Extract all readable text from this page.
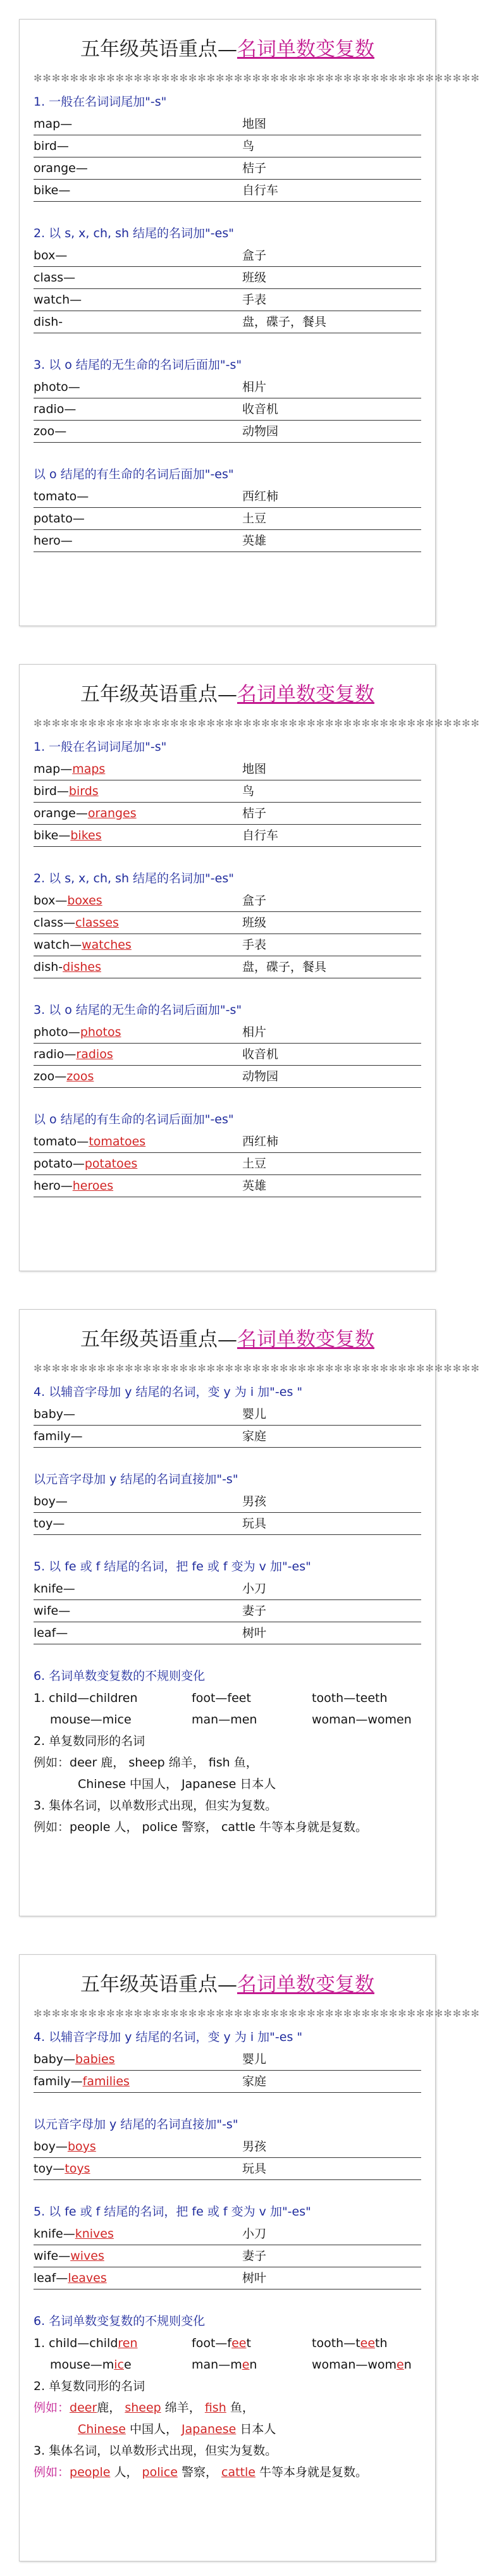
五年级英语重点—名词单数变复数
✻✻✻✻✻✻✻✻✻✻✻✻✻✻✻✻✻✻✻✻✻✻✻✻✻✻✻✻✻✻✻✻✻✻✻✻✻✻✻✻✻✻✻✻✻✻✻✻✻
1. 一般在名词词尾加"-s"
map—	地图
bird—	鸟
orange—	桔子
bike—	自行车
2. 以 s, x, ch, sh 结尾的名词加"-es"
box—	盒子
class—	班级
watch—	手表
dish-	盘，碟子，餐具
3. 以 o 结尾的无生命的名词后面加"-s"
photo—	相片
radio—	收音机
zoo—	动物园
以 o 结尾的有生命的名词后面加"-es"
tomato—	西红柿
potato—	土豆
hero—	英雄
五年级英语重点—名词单数变复数
✻✻✻✻✻✻✻✻✻✻✻✻✻✻✻✻✻✻✻✻✻✻✻✻✻✻✻✻✻✻✻✻✻✻✻✻✻✻✻✻✻✻✻✻✻✻✻✻✻
1. 一般在名词词尾加"-s"
map—maps	地图
bird—birds	鸟
orange—oranges	桔子
bike—bikes	自行车
2. 以 s, x, ch, sh 结尾的名词加"-es"
box—boxes	盒子
class—classes	班级
watch—watches	手表
dish-dishes	盘，碟子，餐具
3. 以 o 结尾的无生命的名词后面加"-s"
photo—photos	相片
radio—radios	收音机
zoo—zoos	动物园
以 o 结尾的有生命的名词后面加"-es"
tomato—tomatoes	西红柿
potato—potatoes	土豆
hero—heroes	英雄
五年级英语重点—名词单数变复数
✻✻✻✻✻✻✻✻✻✻✻✻✻✻✻✻✻✻✻✻✻✻✻✻✻✻✻✻✻✻✻✻✻✻✻✻✻✻✻✻✻✻✻✻✻✻✻✻✻
4. 以辅音字母加 y 结尾的名词，变 y 为 i 加"-es "
baby—	婴儿
family—	家庭
以元音字母加 y 结尾的名词直接加"-s"
boy—	男孩
toy—	玩具
5. 以 fe 或 f 结尾的名词，把 fe 或 f 变为 v 加"-es"
knife—	小刀
wife—	妻子
leaf—	树叶
6. 名词单数变复数的不规则变化
1. child—children	foot—feet	tooth—teeth
mouse—mice	man—men	woman—women
2. 单复数同形的名词
例如：deer 鹿， sheep 绵羊， fish 鱼，
Chinese 中国人， Japanese 日本人
3. 集体名词，以单数形式出现，但实为复数。
例如：people 人， police 警察， cattle 牛等本身就是复数。
五年级英语重点—名词单数变复数
✻✻✻✻✻✻✻✻✻✻✻✻✻✻✻✻✻✻✻✻✻✻✻✻✻✻✻✻✻✻✻✻✻✻✻✻✻✻✻✻✻✻✻✻✻✻✻✻✻
4. 以辅音字母加 y 结尾的名词，变 y 为 i 加"-es "
baby—babies	婴儿
family—families	家庭
以元音字母加 y 结尾的名词直接加"-s"
boy—boys	男孩
toy—toys	玩具
5. 以 fe 或 f 结尾的名词，把 fe 或 f 变为 v 加"-es"
knife—knives	小刀
wife—wives	妻子
leaf—leaves	树叶
6. 名词单数变复数的不规则变化
1. child—children	foot—feet	tooth—teeth
mouse—mice	man—men	woman—women
2. 单复数同形的名词
例如：deer鹿， sheep 绵羊， fish 鱼，
Chinese 中国人， Japanese 日本人
3. 集体名词，以单数形式出现，但实为复数。
例如：people 人， police 警察， cattle 牛等本身就是复数。
